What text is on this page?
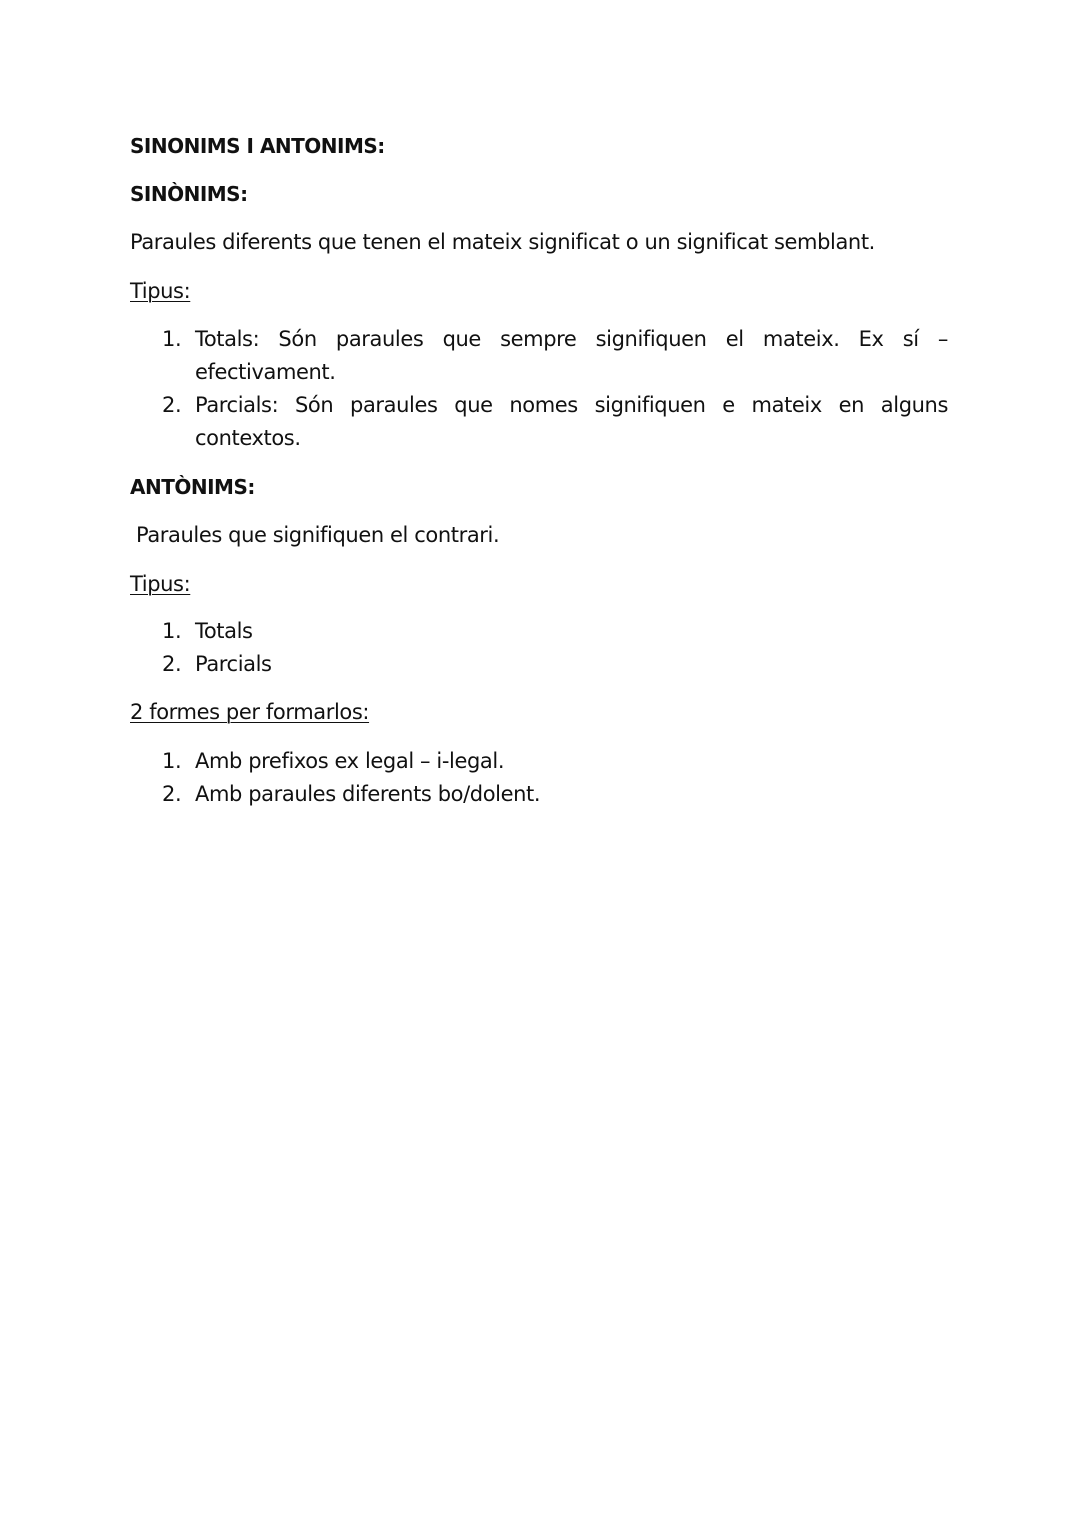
SINONIMS I ANTONIMS:
SINÒNIMS:
Paraules diferents que tenen el mateix significat o un significat semblant.
Tipus:
1. Totals: Són paraules que sempre signifiquen el mateix. Ex sí – efectivament.
2. Parcials: Són paraules que nomes signifiquen e mateix en alguns contextos.
ANTÒNIMS:
Paraules que signifiquen el contrari.
Tipus:
1. Totals
2. Parcials
2 formes per formarlos:
1. Amb prefixos ex legal – i-legal.
2. Amb paraules diferents bo/dolent.
